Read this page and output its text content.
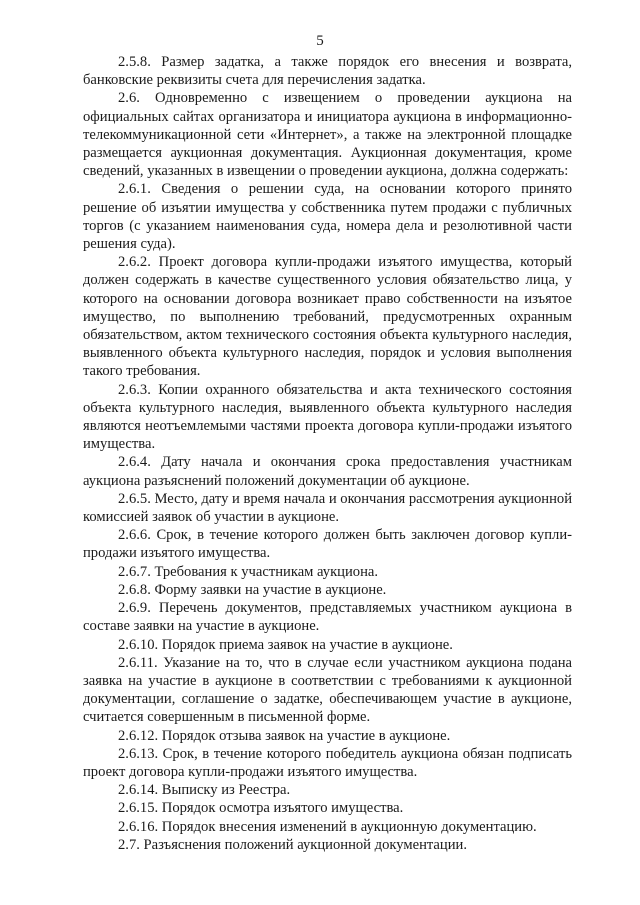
5

2.5.8. Размер задатка, а также порядок его внесения и возврата, банковские реквизиты счета для перечисления задатка.

2.6. Одновременно с извещением о проведении аукциона на официальных сайтах организатора и инициатора аукциона в информационно-телекоммуникационной сети «Интернет», а также на электронной площадке размещается аукционная документация. Аукционная документация, кроме сведений, указанных в извещении о проведении аукциона, должна содержать:

2.6.1. Сведения о решении суда, на основании которого принято решение об изъятии имущества у собственника путем продажи с публичных торгов (с указанием наименования суда, номера дела и резолютивной части решения суда).

2.6.2. Проект договора купли-продажи изъятого имущества, который должен содержать в качестве существенного условия обязательство лица, у которого на основании договора возникает право собственности на изъятое имущество, по выполнению требований, предусмотренных охранным обязательством, актом технического состояния объекта культурного наследия, выявленного объекта культурного наследия, порядок и условия выполнения такого требования.

2.6.3. Копии охранного обязательства и акта технического состояния объекта культурного наследия, выявленного объекта культурного наследия являются неотъемлемыми частями проекта договора купли-продажи изъятого имущества.

2.6.4. Дату начала и окончания срока предоставления участникам аукциона разъяснений положений документации об аукционе.

2.6.5. Место, дату и время начала и окончания рассмотрения аукционной комиссией заявок об участии в аукционе.

2.6.6. Срок, в течение которого должен быть заключен договор купли-продажи изъятого имущества.

2.6.7. Требования к участникам аукциона.

2.6.8. Форму заявки на участие в аукционе.

2.6.9. Перечень документов, представляемых участником аукциона в составе заявки на участие в аукционе.

2.6.10. Порядок приема заявок на участие в аукционе.

2.6.11. Указание на то, что в случае если участником аукциона подана заявка на участие в аукционе в соответствии с требованиями к аукционной документации, соглашение о задатке, обеспечивающем участие в аукционе, считается совершенным в письменной форме.

2.6.12. Порядок отзыва заявок на участие в аукционе.

2.6.13. Срок, в течение которого победитель аукциона обязан подписать проект договора купли-продажи изъятого имущества.

2.6.14. Выписку из Реестра.

2.6.15. Порядок осмотра изъятого имущества.

2.6.16. Порядок внесения изменений в аукционную документацию.

2.7. Разъяснения положений аукционной документации.
